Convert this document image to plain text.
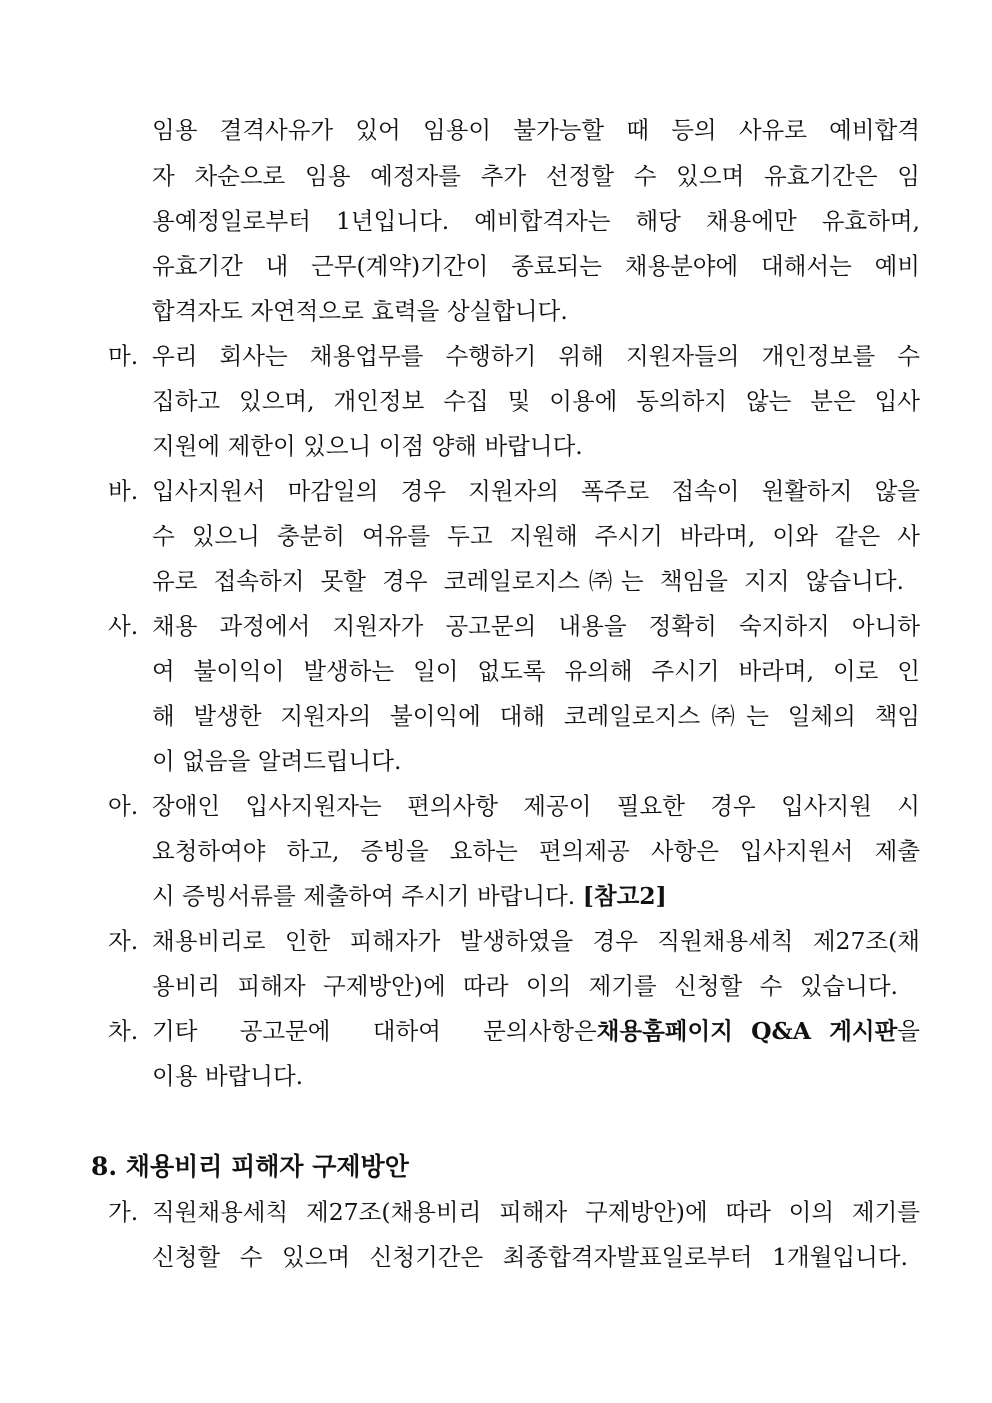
임용 결격사유가 있어 임용이 불가능할 때 등의 사유로 예비합격
자 차순으로 임용 예정자를 추가 선정할 수 있으며 유효기간은 임
용예정일로부터 1년입니다. 예비합격자는 해당 채용에만 유효하며,
유효기간 내 근무(계약)기간이 종료되는 채용분야에 대해서는 예비
합격자도 자연적으로 효력을 상실합니다.
마. 우리 회사는 채용업무를 수행하기 위해 지원자들의 개인정보를 수
집하고 있으며, 개인정보 수집 및 이용에 동의하지 않는 분은 입사
지원에 제한이 있으니 이점 양해 바랍니다.
바. 입사지원서 마감일의 경우 지원자의 폭주로 접속이 원활하지 않을
수 있으니 충분히 여유를 두고 지원해 주시기 바라며, 이와 같은 사
유로 접속하지 못할 경우 코레일로지스㈜는 책임을 지지 않습니다.
사. 채용 과정에서 지원자가 공고문의 내용을 정확히 숙지하지 아니하
여 불이익이 발생하는 일이 없도록 유의해 주시기 바라며, 이로 인
해 발생한 지원자의 불이익에 대해 코레일로지스㈜는 일체의 책임
이 없음을 알려드립니다.
아. 장애인 입사지원자는 편의사항 제공이 필요한 경우 입사지원 시
요청하여야 하고, 증빙을 요하는 편의제공 사항은 입사지원서 제출
시 증빙서류를 제출하여 주시기 바랍니다. [참고2]
자. 채용비리로 인한 피해자가 발생하였을 경우 직원채용세칙 제27조(채
용비리 피해자 구제방안)에 따라 이의 제기를 신청할 수 있습니다.
차. 기타 공고문에 대하여 문의사항은 채용홈페이지 Q&A 게시판 을
이용 바랍니다.
8. 채용비리 피해자 구제방안
가. 직원채용세칙 제27조(채용비리 피해자 구제방안)에 따라 이의 제기를
신청할 수 있으며 신청기간은 최종합격자발표일로부터 1개월입니다.
